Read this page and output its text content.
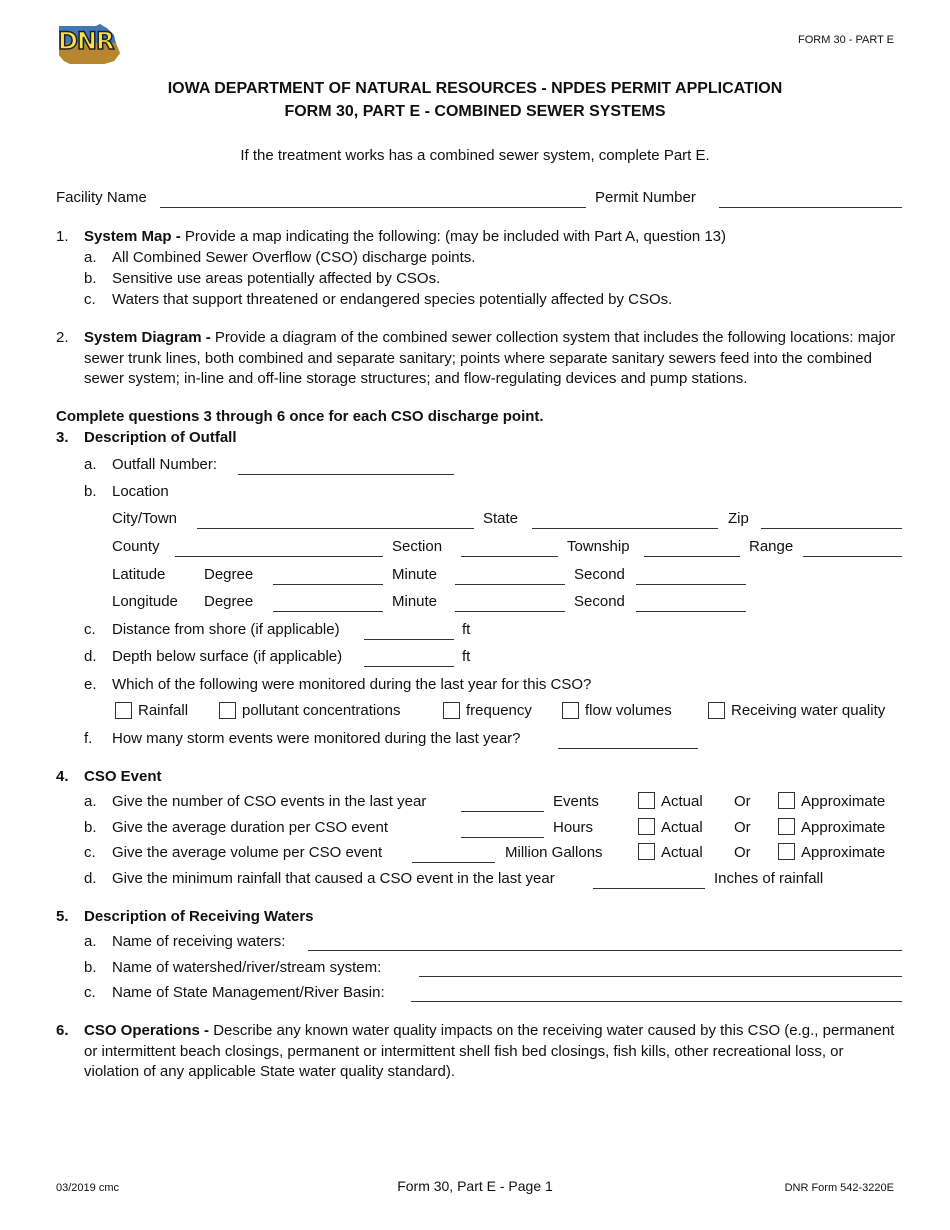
DNR	FORM 30 - PART E
IOWA DEPARTMENT OF NATURAL RESOURCES - NPDES PERMIT APPLICATION
FORM 30, PART E - COMBINED SEWER SYSTEMS
If the treatment works has a combined sewer system, complete Part E.
Facility Name	Permit Number
1. System Map - Provide a map indicating the following: (may be included with Part A, question 13)
a. All Combined Sewer Overflow (CSO) discharge points.
b. Sensitive use areas potentially affected by CSOs.
c. Waters that support threatened or endangered species potentially affected by CSOs.
2. System Diagram - Provide a diagram of the combined sewer collection system that includes the following locations: major sewer trunk lines, both combined and separate sanitary; points where separate sanitary sewers feed into the combined sewer system; in-line and off-line storage structures; and flow-regulating devices and pump stations.
Complete questions 3 through 6 once for each CSO discharge point.
3. Description of Outfall
a. Outfall Number:
b. Location
City/Town	State	Zip
County	Section	Township	Range
Latitude	Degree	Minute	Second
Longitude Degree	Minute	Second
c. Distance from shore (if applicable)	ft
d. Depth below surface (if applicable)	ft
e. Which of the following were monitored during the last year for this CSO?
Rainfall	pollutant concentrations	frequency	flow volumes	Receiving water quality
f. How many storm events were monitored during the last year?
4. CSO Event
a. Give the number of CSO events in the last year	Events	Actual Or	Approximate
b. Give the average duration per CSO event	Hours	Actual Or	Approximate
c. Give the average volume per CSO event	Million Gallons	Actual Or	Approximate
d. Give the minimum rainfall that caused a CSO event in the last year	Inches of rainfall
5. Description of Receiving Waters
a. Name of receiving waters:
b. Name of watershed/river/stream system:
c. Name of State Management/River Basin:
6. CSO Operations - Describe any known water quality impacts on the receiving water caused by this CSO (e.g., permanent or intermittent beach closings, permanent or intermittent shell fish bed closings, fish kills, other recreational loss, or violation of any applicable State water quality standard).
03/2019 cmc	Form 30, Part E - Page 1	DNR Form 542-3220E
